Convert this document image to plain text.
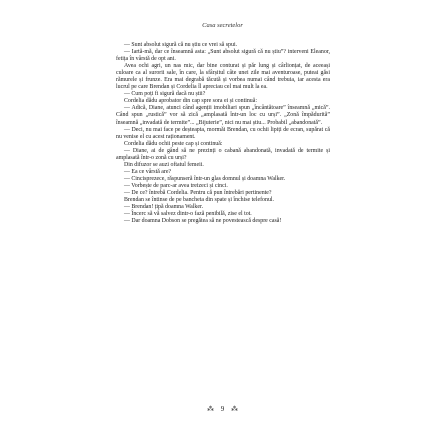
Casa secretelor

— Sunt absolut sigură că nu știu ce vrei să spui.

— Iartă-mă, dar ce înseamnă asta: „Sunt absolut sigură că nu știu”? interveni Eleanor, fetița în vârstă de opt ani.

Avea ochi agri, un nas mic, dar bine conturat și păr lung și cârlionțat, de aceeași culoare ca al surorii sale, în care, la sfârșitul câte unei zile mai aventuroase, puteai găsi rămurele și frunze. Era mai degrabă tăcută și vorbea numai când trebuia, iar acesta era lucrul pe care Brendan și Cordelia îl apreciau cel mai mult la ea.

— Cum poți fi sigură dacă nu știi?

Cordelia dădu aprobator din cap spre sora ei și continuă:

— Adică, Diane, atunci când agenții imobiliari spun „încântătoare” înseamnă „mică”. Când spun „rustică” vor să zică „amplasată într-un loc cu urși”. „Zonă împădurită” înseamnă „invadată de termite”... „Bijuterie”, nici nu mai știu... Probabil „abandonată”.

— Deci, nu mai face pe deșteapta, mormăi Brendan, cu ochii lipiți de ecran, supărat că nu venise el cu acest raționament.

Cordelia dădu ochii peste cap și continuă:

— Diane, ai de gând să ne prezinți o cabană abandonată, invadată de termite și amplasată într-o zonă cu urși?

Din difuzor se auzi oftatul femeii.

— Ea ce vârstă are?

— Cincisprezece, răspunseră într-un glas domnul și doamna Walker.

— Vorbește de parc-ar avea treizeci și cinci.

— De ce? întrebă Cordelia. Pentru că pun întrebări pertinente?

Brendan se întinse de pe bancheta din spate și închise telefonul.

— Brendan! țipă doamna Walker.

— Încerc să vă salvez dintr-o fază penibilă, zise el tot.

— Dar doamna Dobson se pregătea să ne povestească despre casă!

⁂ 9 ⁂
